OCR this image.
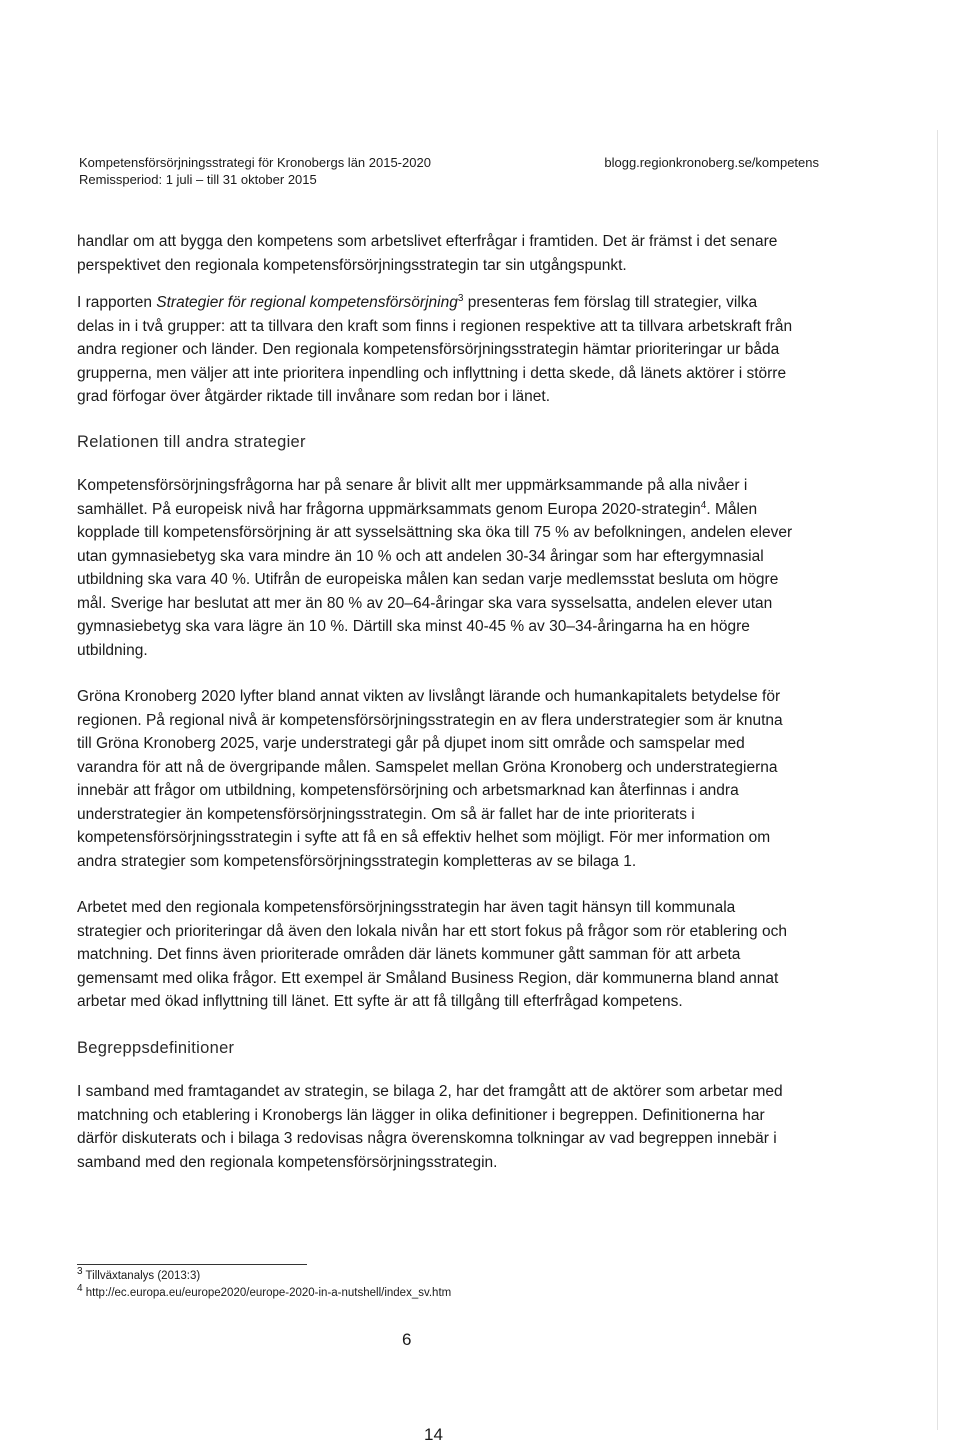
Kompetensförsörjningsstrategi för Kronobergs län 2015-2020
Remissperiod: 1 juli – till 31 oktober 2015
blogg.regionkronoberg.se/kompetens

handlar om att bygga den kompetens som arbetslivet efterfrågar i framtiden. Det är främst i det senare perspektivet den regionala kompetensförsörjningsstrategin tar sin utgångspunkt.

I rapporten Strategier för regional kompetensförsörjning$^3$ presenteras fem förslag till strategier, vilka delas in i två grupper: att ta tillvara den kraft som finns i regionen respektive att ta tillvara arbetskraft från andra regioner och länder. Den regionala kompetensförsörjningsstrategin hämtar prioriteringar ur båda grupperna, men väljer att inte prioritera inpendling och inflyttning i detta skede, då länets aktörer i större grad förfogar över åtgärder riktade till invånare som redan bor i länet.

Relationen till andra strategier

Kompetensförsörjningsfrågorna har på senare år blivit allt mer uppmärksammande på alla nivåer i samhället. På europeisk nivå har frågorna uppmärksammats genom Europa 2020-strategin$^4$. Målen kopplade till kompetensförsörjning är att sysselsättning ska öka till 75 % av befolkningen, andelen elever utan gymnasiebetyg ska vara mindre än 10 % och att andelen 30-34 åringar som har eftergymnasial utbildning ska vara 40 %. Utifrån de europeiska målen kan sedan varje medlemsstat besluta om högre mål. Sverige har beslutat att mer än 80 % av 20–64-åringar ska vara sysselsatta, andelen elever utan gymnasiebetyg ska vara lägre än 10 %. Därtill ska minst 40-45 % av 30–34-åringarna ha en högre utbildning.

Gröna Kronoberg 2020 lyfter bland annat vikten av livslångt lärande och humankapitalets betydelse för regionen. På regional nivå är kompetensförsörjningsstrategin en av flera understrategier som är knutna till Gröna Kronoberg 2025, varje understrategi går på djupet inom sitt område och samspelar med varandra för att nå de övergripande målen. Samspelet mellan Gröna Kronoberg och understrategierna innebär att frågor om utbildning, kompetensförsörjning och arbetsmarknad kan återfinnas i andra understrategier än kompetensförsörjningsstrategin. Om så är fallet har de inte prioriterats i kompetensförsörjningsstrategin i syfte att få en så effektiv helhet som möjligt. För mer information om andra strategier som kompetensförsörjningsstrategin kompletteras av se bilaga 1.

Arbetet med den regionala kompetensförsörjningsstrategin har även tagit hänsyn till kommunala strategier och prioriteringar då även den lokala nivån har ett stort fokus på frågor som rör etablering och matchning. Det finns även prioriterade områden där länets kommuner gått samman för att arbeta gemensamt med olika frågor. Ett exempel är Småland Business Region, där kommunerna bland annat arbetar med ökad inflyttning till länet. Ett syfte är att få tillgång till efterfrågad kompetens.

Begreppsdefinitioner

I samband med framtagandet av strategin, se bilaga 2, har det framgått att de aktörer som arbetar med matchning och etablering i Kronobergs län lägger in olika definitioner i begreppen. Definitionerna har därför diskuterats och i bilaga 3 redovisas några överenskomna tolkningar av vad begreppen innebär i samband med den regionala kompetensförsörjningsstrategin.

$^3$ Tillväxtanalys (2013:3)
$^4$ http://ec.europa.eu/europe2020/europe-2020-in-a-nutshell/index_sv.htm
6
14
